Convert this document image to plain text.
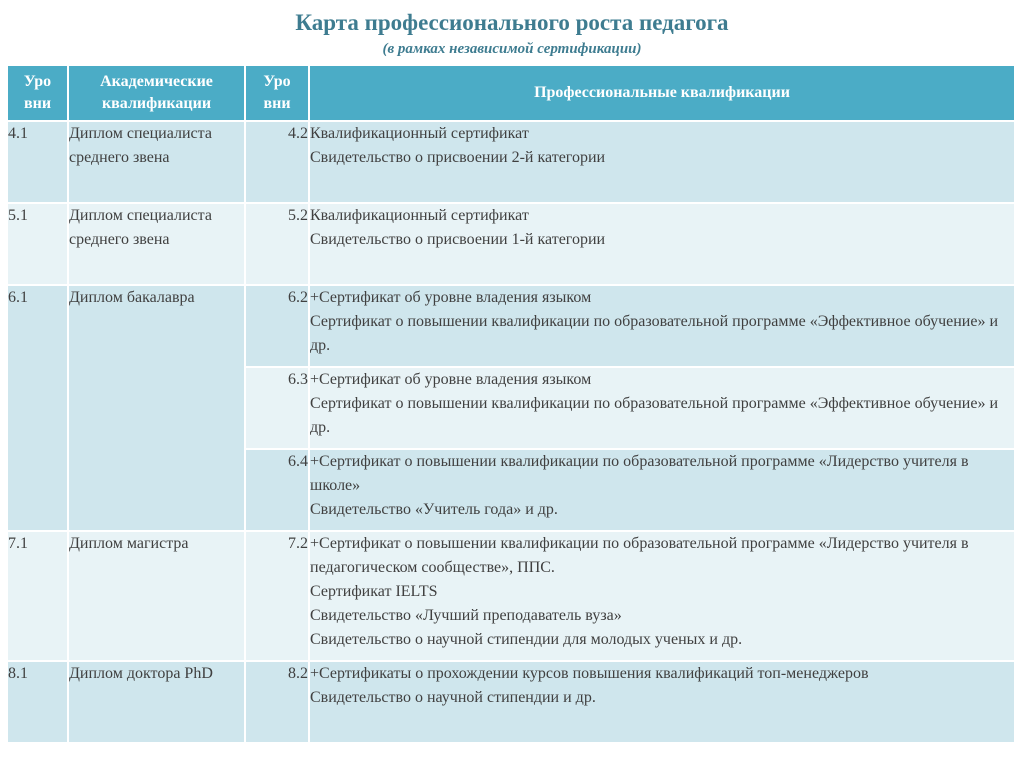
Карта профессионального роста педагога
(в рамках независимой сертификации)
Уро вни	Академические квалификации	Уро вни	Профессиональные квалификации
4.1	Диплом специалиста среднего звена	4.2	Квалификационный сертификат
Свидетельство о присвоении 2-й категории

5.1	Диплом специалиста среднего звена	5.2	Квалификационный сертификат
Свидетельство о присвоении 1-й категории

6.1	Диплом бакалавра	6.2	+Сертификат об уровне владения языком
Сертификат о повышении квалификации по образовательной программе «Эффективное обучение» и др.

		6.3	+Сертификат об уровне владения языком
Сертификат о повышении квалификации по образовательной программе «Эффективное обучение» и др.

		6.4	+Сертификат о повышении квалификации по образовательной программе «Лидерство учителя в школе»
Свидетельство «Учитель года» и др.

7.1	Диплом магистра	7.2	+Сертификат о повышении квалификации по образовательной программе «Лидерство учителя в педагогическом сообществе», ППС.
Сертификат IELTS
Свидетельство «Лучший преподаватель вуза»
Свидетельство о научной стипендии для молодых ученых и др.

8.1	Диплом доктора PhD	8.2	+Сертификаты о прохождении курсов повышения квалификаций топ-менеджеров
Свидетельство о научной стипендии и др.
